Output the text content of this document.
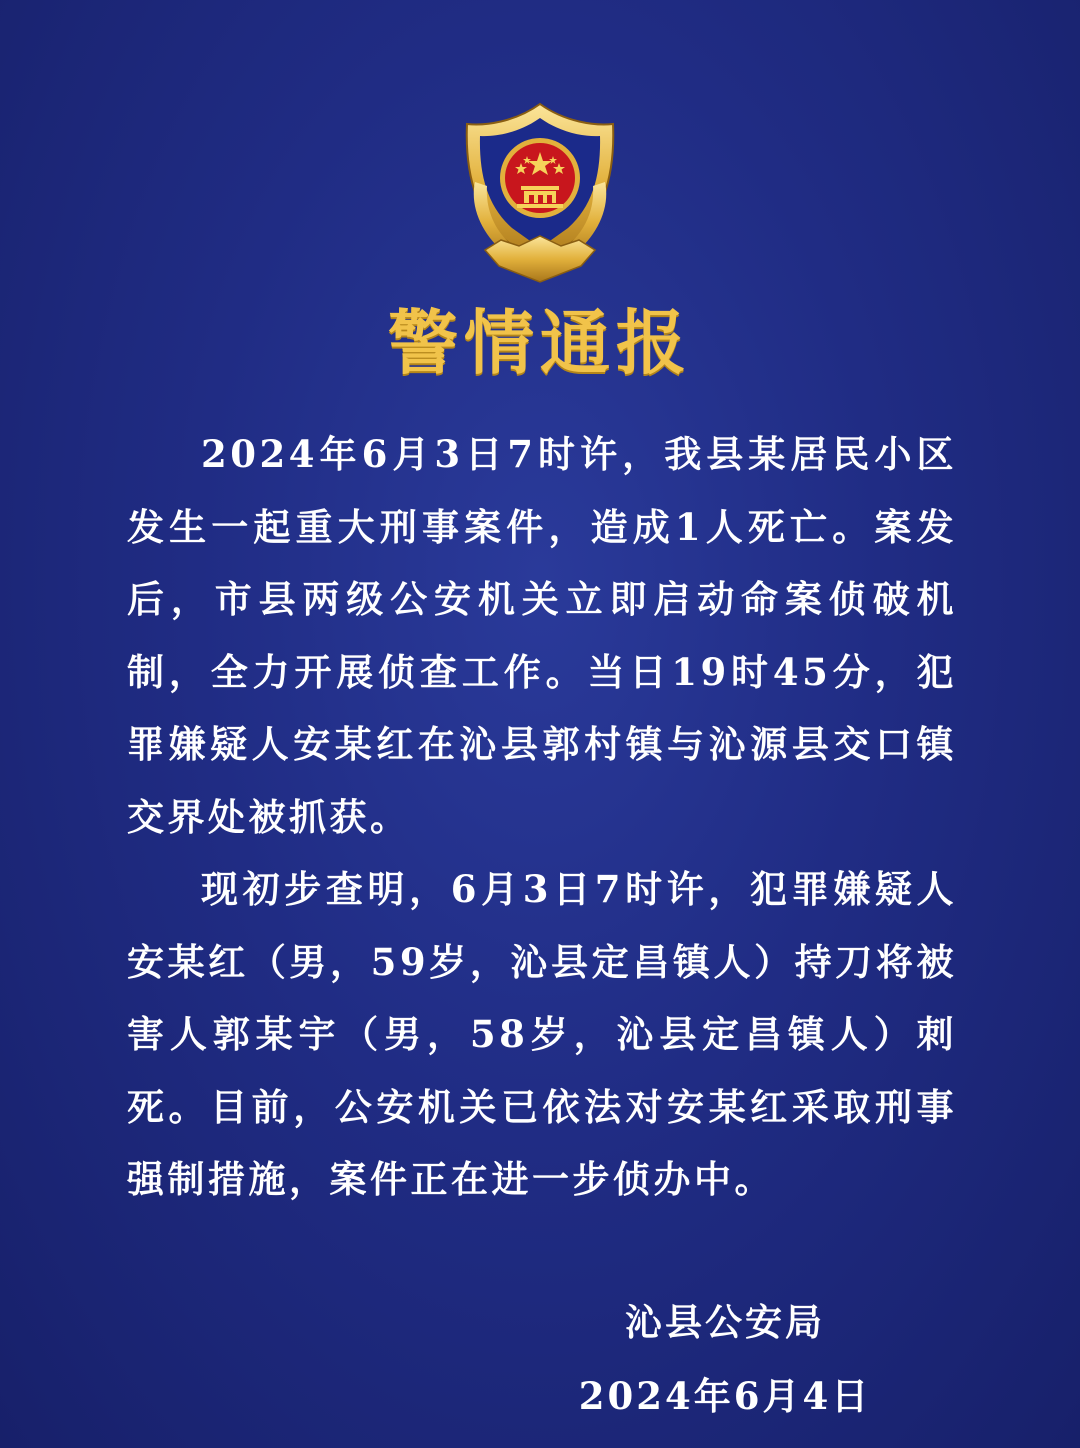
警情通报

2024年6月3日7时许，我县某居民小区发生一起重大刑事案件，造成1人死亡。案发后，市县两级公安机关立即启动命案侦破机制，全力开展侦查工作。当日19时45分，犯罪嫌疑人安某红在沁县郭村镇与沁源县交口镇交界处被抓获。

现初步查明，6月3日7时许，犯罪嫌疑人安某红（男，59岁，沁县定昌镇人）持刀将被害人郭某宇（男，58岁，沁县定昌镇人）刺死。目前，公安机关已依法对安某红采取刑事强制措施，案件正在进一步侦办中。

沁县公安局
2024年6月4日
